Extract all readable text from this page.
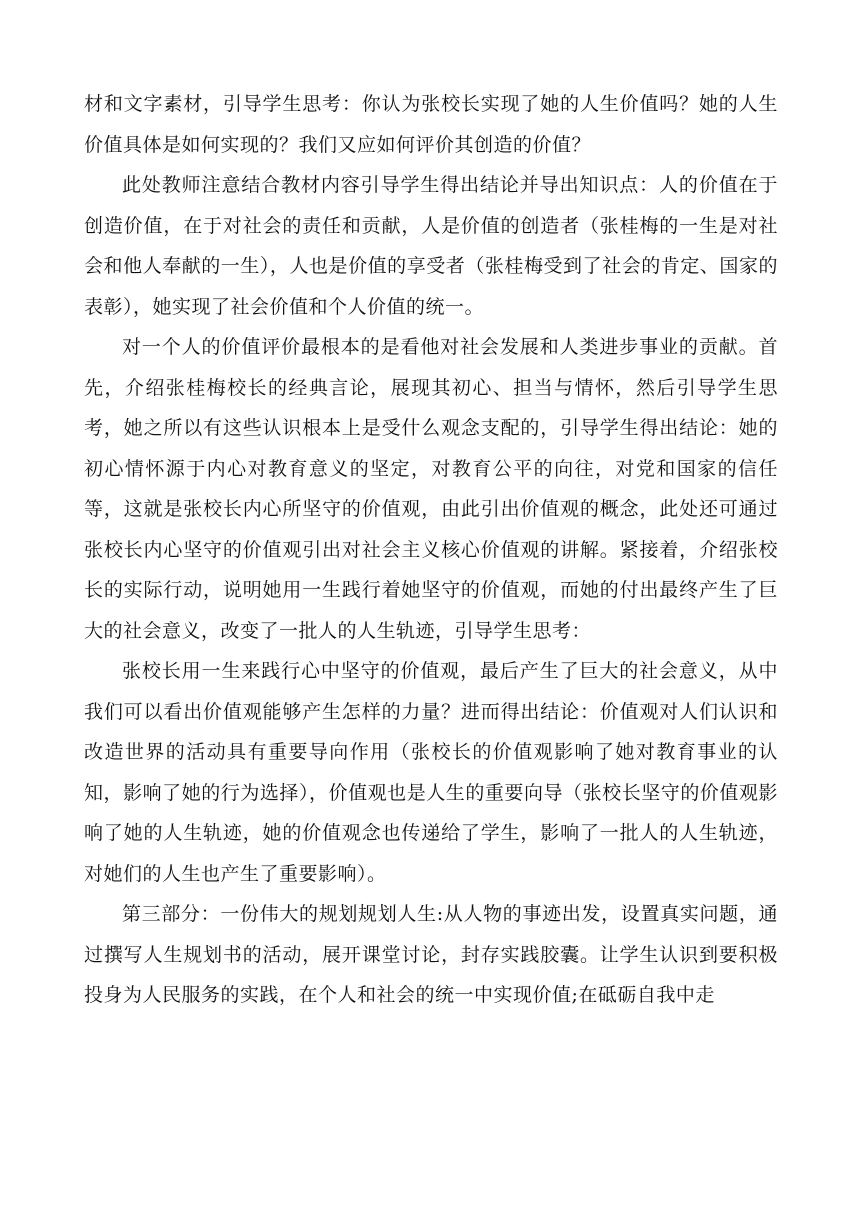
材和文字素材，引导学生思考：你认为张校长实现了她的人生价值吗？她的人生价值具体是如何实现的？我们又应如何评价其创造的价值？

此处教师注意结合教材内容引导学生得出结论并导出知识点：人的价值在于创造价值，在于对社会的责任和贡献，人是价值的创造者（张桂梅的一生是对社会和他人奉献的一生），人也是价值的享受者（张桂梅受到了社会的肯定、国家的表彰），她实现了社会价值和个人价值的统一。

对一个人的价值评价最根本的是看他对社会发展和人类进步事业的贡献。首先，介绍张桂梅校长的经典言论，展现其初心、担当与情怀，然后引导学生思考，她之所以有这些认识根本上是受什么观念支配的，引导学生得出结论：她的初心情怀源于内心对教育意义的坚定，对教育公平的向往，对党和国家的信任等，这就是张校长内心所坚守的价值观，由此引出价值观的概念，此处还可通过张校长内心坚守的价值观引出对社会主义核心价值观的讲解。紧接着，介绍张校长的实际行动，说明她用一生践行着她坚守的价值观，而她的付出最终产生了巨大的社会意义，改变了一批人的人生轨迹，引导学生思考：

张校长用一生来践行心中坚守的价值观，最后产生了巨大的社会意义，从中我们可以看出价值观能够产生怎样的力量？进而得出结论：价值观对人们认识和改造世界的活动具有重要导向作用（张校长的价值观影响了她对教育事业的认知，影响了她的行为选择），价值观也是人生的重要向导（张校长坚守的价值观影响了她的人生轨迹，她的价值观念也传递给了学生，影响了一批人的人生轨迹，对她们的人生也产生了重要影响）。

第三部分：一份伟大的规划规划人生:从人物的事迹出发，设置真实问题，通过撰写人生规划书的活动，展开课堂讨论，封存实践胶囊。让学生认识到要积极投身为人民服务的实践，在个人和社会的统一中实现价值;在砥砺自我中走
